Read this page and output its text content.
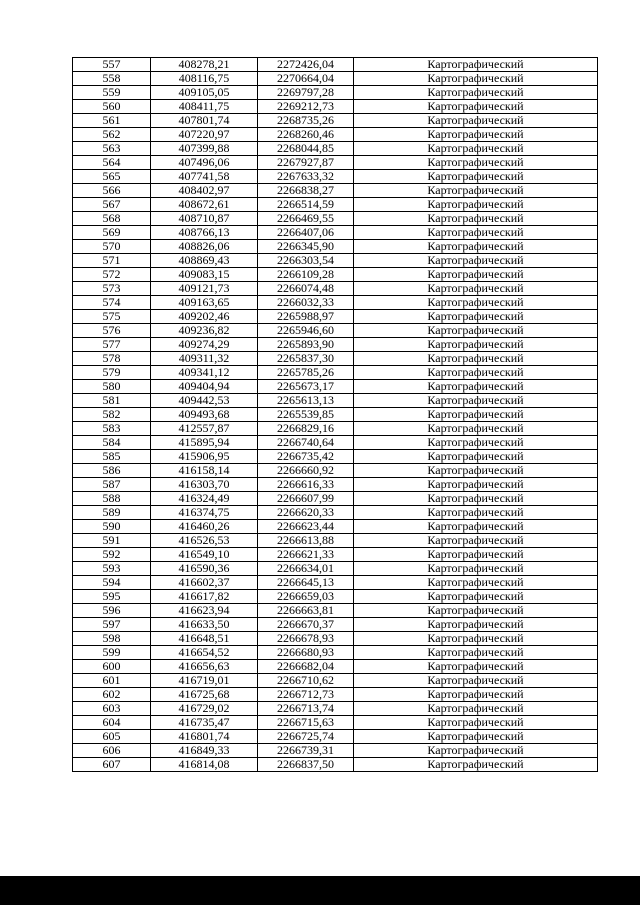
557	408278,21	2272426,04	Картографический
558	408116,75	2270664,04	Картографический
559	409105,05	2269797,28	Картографический
560	408411,75	2269212,73	Картографический
561	407801,74	2268735,26	Картографический
562	407220,97	2268260,46	Картографический
563	407399,88	2268044,85	Картографический
564	407496,06	2267927,87	Картографический
565	407741,58	2267633,32	Картографический
566	408402,97	2266838,27	Картографический
567	408672,61	2266514,59	Картографический
568	408710,87	2266469,55	Картографический
569	408766,13	2266407,06	Картографический
570	408826,06	2266345,90	Картографический
571	408869,43	2266303,54	Картографический
572	409083,15	2266109,28	Картографический
573	409121,73	2266074,48	Картографический
574	409163,65	2266032,33	Картографический
575	409202,46	2265988,97	Картографический
576	409236,82	2265946,60	Картографический
577	409274,29	2265893,90	Картографический
578	409311,32	2265837,30	Картографический
579	409341,12	2265785,26	Картографический
580	409404,94	2265673,17	Картографический
581	409442,53	2265613,13	Картографический
582	409493,68	2265539,85	Картографический
583	412557,87	2266829,16	Картографический
584	415895,94	2266740,64	Картографический
585	415906,95	2266735,42	Картографический
586	416158,14	2266660,92	Картографический
587	416303,70	2266616,33	Картографический
588	416324,49	2266607,99	Картографический
589	416374,75	2266620,33	Картографический
590	416460,26	2266623,44	Картографический
591	416526,53	2266613,88	Картографический
592	416549,10	2266621,33	Картографический
593	416590,36	2266634,01	Картографический
594	416602,37	2266645,13	Картографический
595	416617,82	2266659,03	Картографический
596	416623,94	2266663,81	Картографический
597	416633,50	2266670,37	Картографический
598	416648,51	2266678,93	Картографический
599	416654,52	2266680,93	Картографический
600	416656,63	2266682,04	Картографический
601	416719,01	2266710,62	Картографический
602	416725,68	2266712,73	Картографический
603	416729,02	2266713,74	Картографический
604	416735,47	2266715,63	Картографический
605	416801,74	2266725,74	Картографический
606	416849,33	2266739,31	Картографический
607	416814,08	2266837,50	Картографический
